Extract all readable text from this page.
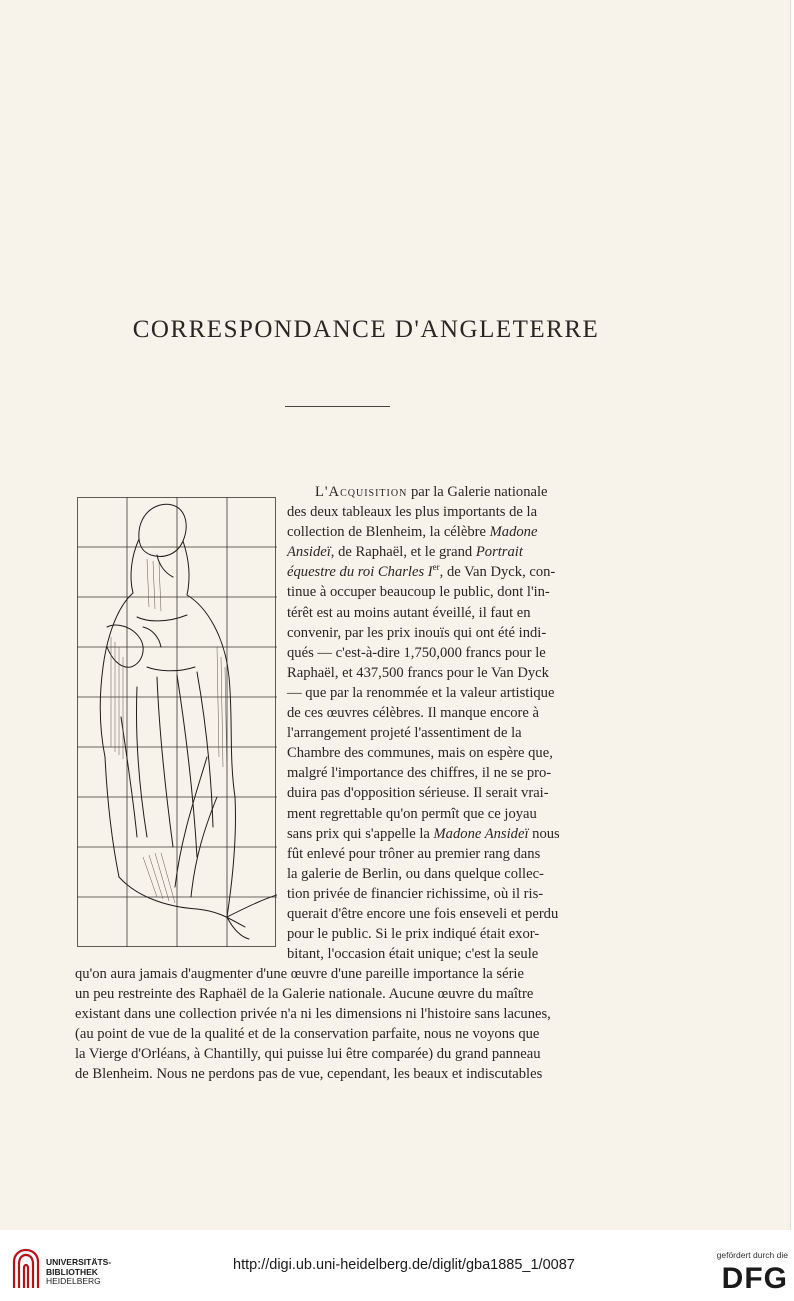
CORRESPONDANCE D'ANGLETERRE

L'Acquisition par la Galerie nationale

des deux tableaux les plus importants de la

collection de Blenheim, la célèbre Madone

Ansideï, de Raphaël, et le grand Portrait

équestre du roi Charles Ier, de Van Dyck, con-

tinue à occuper beaucoup le public, dont l'in-

térêt est au moins autant éveillé, il faut en

convenir, par les prix inouïs qui ont été indi-

qués — c'est-à-dire 1,750,000 francs pour le

Raphaël, et 437,500 francs pour le Van Dyck

— que par la renommée et la valeur artistique

de ces œuvres célèbres. Il manque encore à

l'arrangement projeté l'assentiment de la

Chambre des communes, mais on espère que,

malgré l'importance des chiffres, il ne se pro-

duira pas d'opposition sérieuse. Il serait vrai-

ment regrettable qu'on permît que ce joyau

sans prix qui s'appelle la Madone Ansideï nous

fût enlevé pour trôner au premier rang dans

la galerie de Berlin, ou dans quelque collec-

tion privée de financier richissime, où il ris-

querait d'être encore une fois enseveli et perdu

pour le public. Si le prix indiqué était exor-

bitant, l'occasion était unique; c'est la seule

qu'on aura jamais d'augmenter d'une œuvre d'une pareille importance la série

un peu restreinte des Raphaël de la Galerie nationale. Aucune œuvre du maître

existant dans une collection privée n'a ni les dimensions ni l'histoire sans lacunes,

(au point de vue de la qualité et de la conservation parfaite, nous ne voyons que

la Vierge d'Orléans, à Chantilly, qui puisse lui être comparée) du grand panneau

de Blenheim. Nous ne perdons pas de vue, cependant, les beaux et indiscutables

UNIVERSITÄTS-
BIBLIOTHEK
HEIDELBERG
http://digi.ub.uni-heidelberg.de/diglit/gba1885_1/0087
gefördert durch die
DFG
